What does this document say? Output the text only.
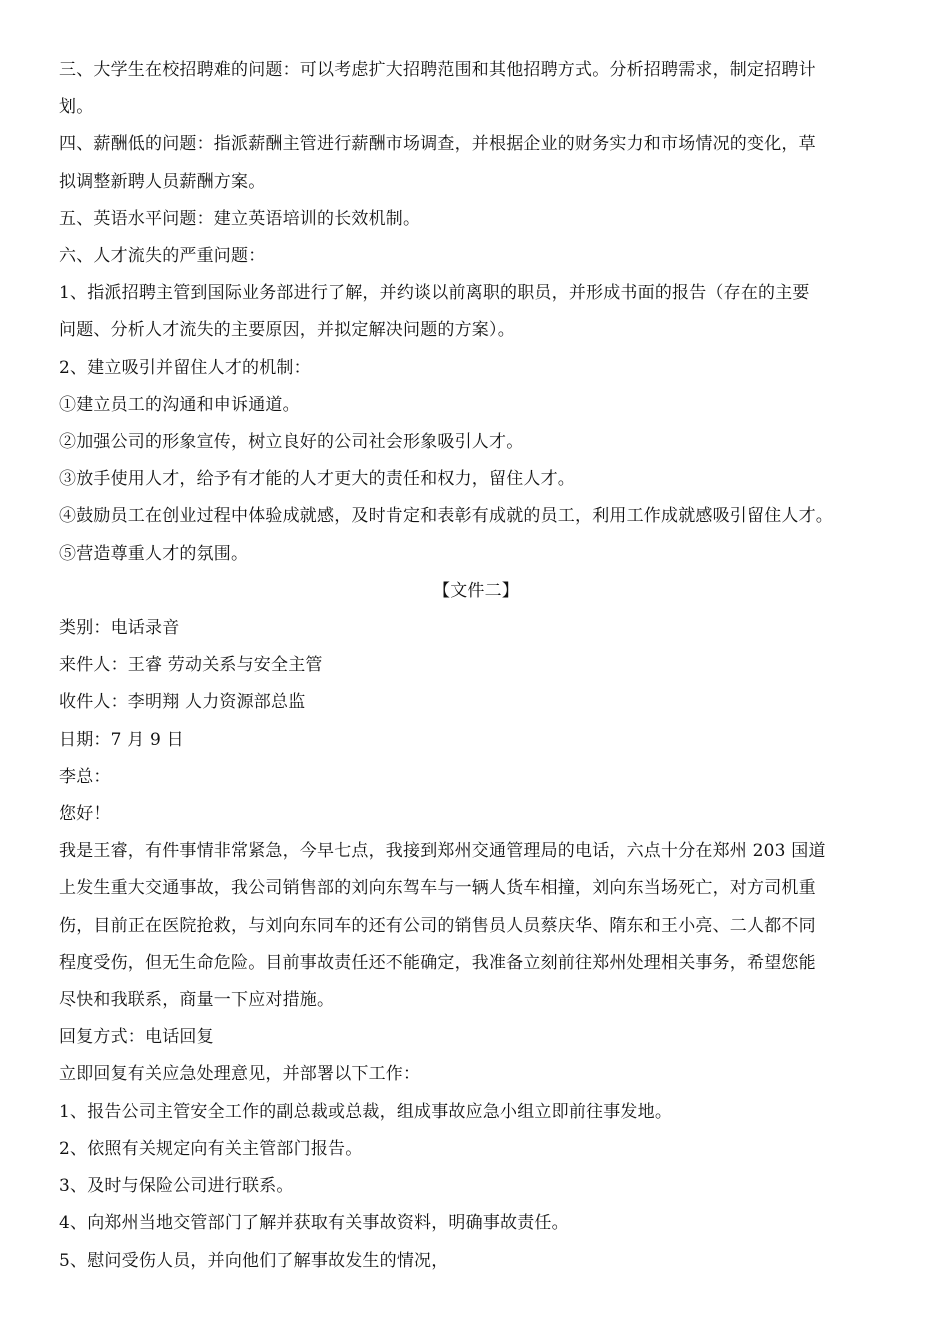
三、大学生在校招聘难的问题：可以考虑扩大招聘范围和其他招聘方式。分析招聘需求，制定招聘计
划。
四、薪酬低的问题：指派薪酬主管进行薪酬市场调查，并根据企业的财务实力和市场情况的变化，草
拟调整新聘人员薪酬方案。
五、英语水平问题：建立英语培训的长效机制。
六、人才流失的严重问题：
1、指派招聘主管到国际业务部进行了解，并约谈以前离职的职员，并形成书面的报告（存在的主要
问题、分析人才流失的主要原因，并拟定解决问题的方案）。
2、建立吸引并留住人才的机制：
①建立员工的沟通和申诉通道。
②加强公司的形象宣传，树立良好的公司社会形象吸引人才。
③放手使用人才，给予有才能的人才更大的责任和权力，留住人才。
④鼓励员工在创业过程中体验成就感，及时肯定和表彰有成就的员工，利用工作成就感吸引留住人才。
⑤营造尊重人才的氛围。
【文件二】
类别：电话录音
来件人：王睿 劳动关系与安全主管
收件人：李明翔 人力资源部总监
日期：7 月 9 日
李总：
您好！
我是王睿，有件事情非常紧急，今早七点，我接到郑州交通管理局的电话，六点十分在郑州 203 国道
上发生重大交通事故，我公司销售部的刘向东驾车与一辆人货车相撞，刘向东当场死亡，对方司机重
伤，目前正在医院抢救，与刘向东同车的还有公司的销售员人员蔡庆华、隋东和王小亮、二人都不同
程度受伤，但无生命危险。目前事故责任还不能确定，我准备立刻前往郑州处理相关事务，希望您能
尽快和我联系，商量一下应对措施。
回复方式：电话回复
立即回复有关应急处理意见，并部署以下工作：
1、报告公司主管安全工作的副总裁或总裁，组成事故应急小组立即前往事发地。
2、依照有关规定向有关主管部门报告。
3、及时与保险公司进行联系。
4、向郑州当地交管部门了解并获取有关事故资料，明确事故责任。
5、慰问受伤人员，并向他们了解事故发生的情况，
